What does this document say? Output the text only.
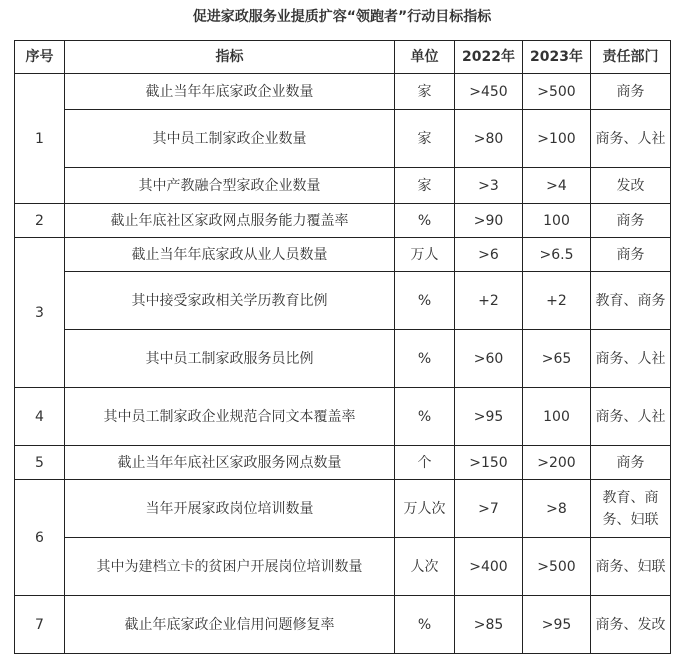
促进家政服务业提质扩容“领跑者”行动目标指标
序号	指标	单位	2022年	2023年	责任部门
1	截止当年年底家政企业数量	家	>450	>500	商务
	其中员工制家政企业数量	家	>80	>100	商务、人社
	其中产教融合型家政企业数量	家	>3	>4	发改
2	截止年底社区家政网点服务能力覆盖率	%	>90	100	商务
3	截止当年年底家政从业人员数量	万人	>6	>6.5	商务
	其中接受家政相关学历教育比例	%	+2	+2	教育、商务
	其中员工制家政服务员比例	%	>60	>65	商务、人社
4	其中员工制家政企业规范合同文本覆盖率	%	>95	100	商务、人社
5	截止当年年底社区家政服务网点数量	个	>150	>200	商务
6	当年开展家政岗位培训数量	万人次	>7	>8	教育、商务、妇联
	其中为建档立卡的贫困户开展岗位培训数量	人次	>400	>500	商务、妇联
7	截止年底家政企业信用问题修复率	%	>85	>95	商务、发改
